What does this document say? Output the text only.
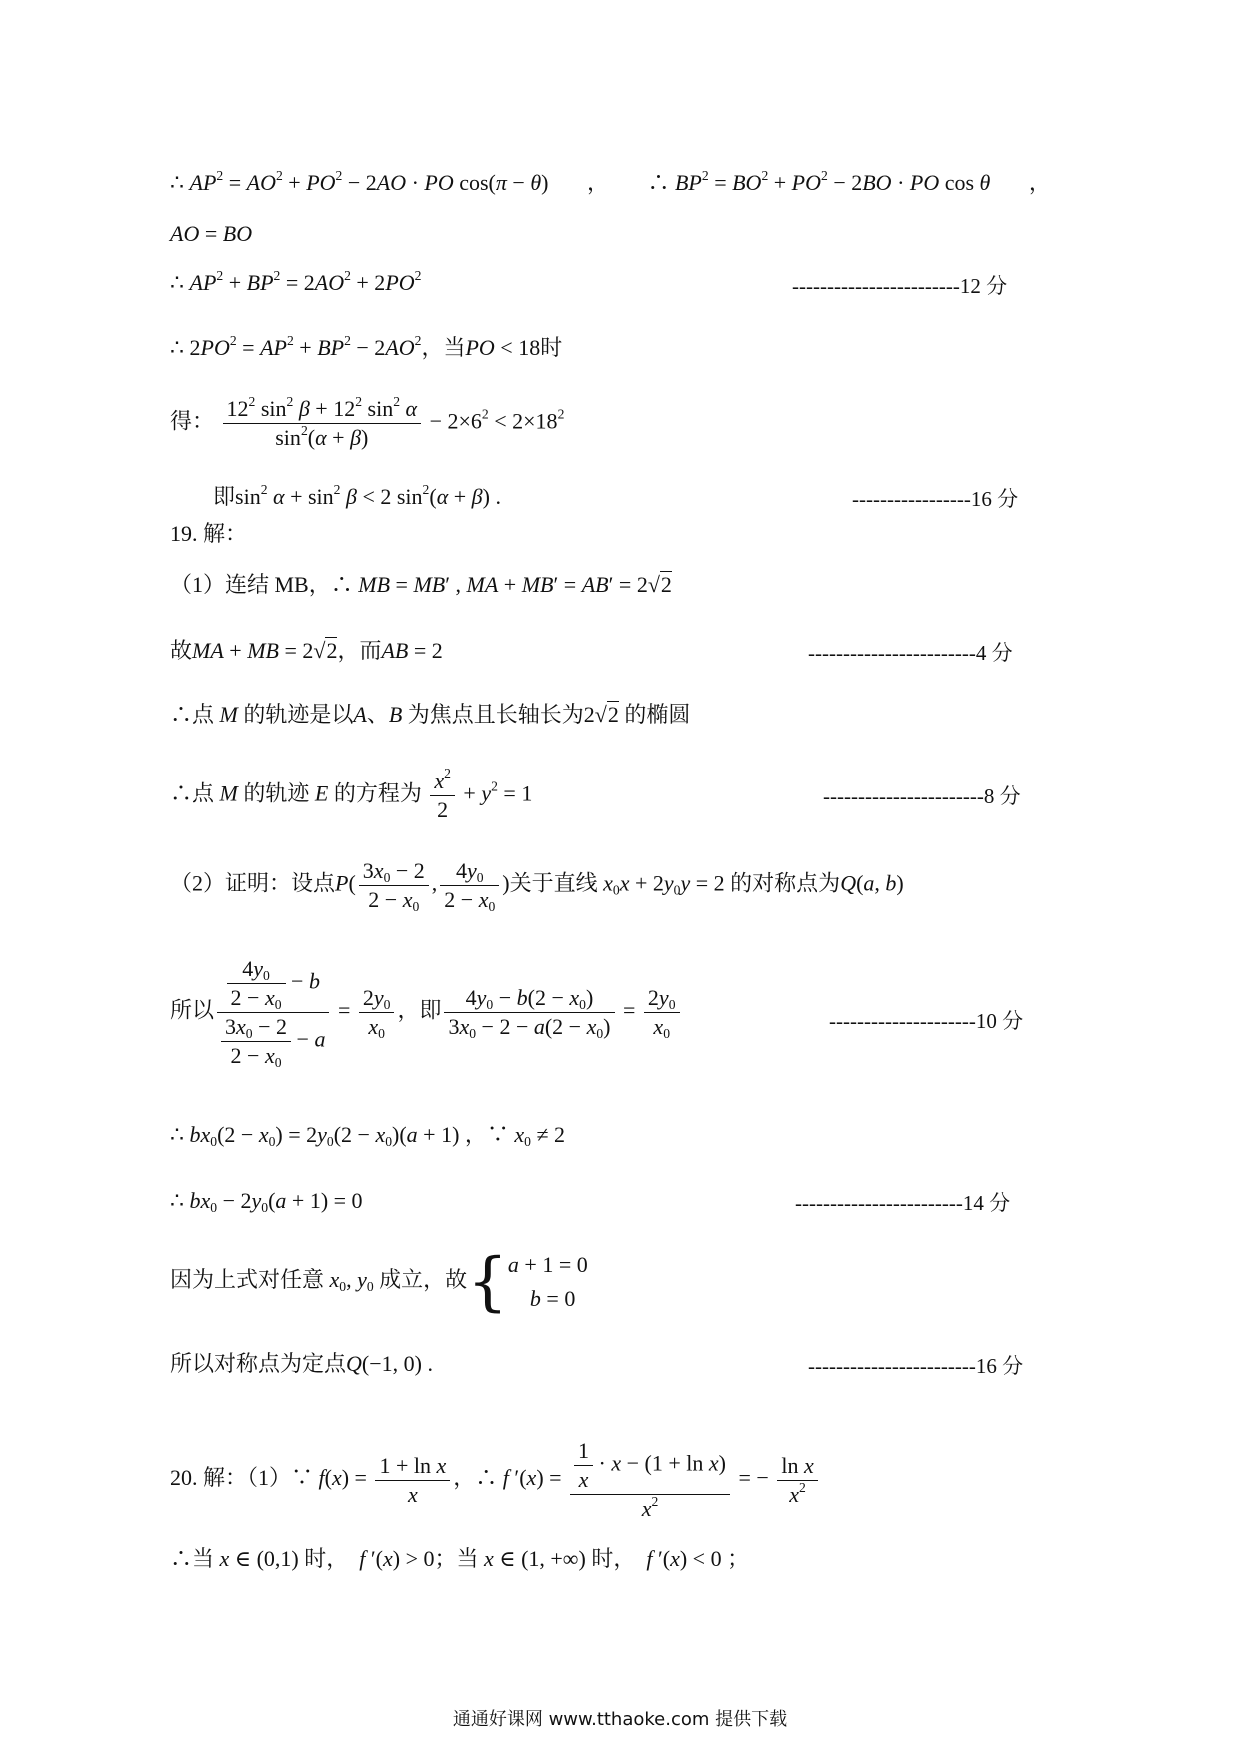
∴ $AP^2 = AO^2 + PO^2 - 2AO$ · PO cos(π − θ)       ，       ∴ $BP^2 = BO^2 + PO^2 - 2BO$ · PO cos θ       ，
AO = BO
∴ $AP^2 + BP^2 = 2AO^2 + 2PO^2$	------------------------12 分
∴ $2PO^2 = AP^2 + BP^2 - 2AO^2$，当PO < 18时
得： $\frac{12^2 \sin^2 \beta + 12^2 \sin^2 \alpha}{\sin^2(\alpha + \beta)} - 2\times 6^2 < 2\times 18^2$
即$\sin^2 \alpha + \sin^2 \beta < 2$ $\sin^2(\alpha + \beta)$ .	-----------------16 分
19. 解：
（1）连结 MB，∴ MB = MB′ , MA + MB′ = AB′ = 2√2
故MA + MB = 2√2，而AB = 2	------------------------4 分
∴点 M 的轨迹是以A、B 为焦点且长轴长为2√2 的椭圆
∴点 M 的轨迹 E 的方程为 $\frac{x^2}{2} + y^2 = 1$	-----------------------8 分
（2）证明：设点$P( \frac{3x_0 - 2}{2 - x_0}$ , $\frac{4y_0}{2 - x_0}$ )关于直线 $x_0x + 2y_0y = 2$ 的对称点为Q(a, b)
所以 $\frac{\frac{4y_0}{2 - x_0} - b}{\frac{3x_0 - 2}{2 - x_0} - a} = \frac{2y_0}{x_0}$ ，即 $\frac{4y_0 - b(2 - x_0)}{3x_0 - 2 - a(2 - x_0)} = \frac{2y_0}{x_0}$	---------------------10 分
∴ $bx_0(2 - x_0) = 2y_0(2 - x_0)(a + 1)$ ，∵ $x_0 \ne 2$
∴ $bx_0 - 2y_0(a + 1) = 0$	------------------------14 分
因为上式对任意 $x_0$, $y_0$ 成立，故{ a + 1 = 0
b = 0
所以对称点为定点Q(−1, 0) .	------------------------16 分
20. 解：（1）∵ $f(x) = \frac{\text{1 + ln x}}{x}$ ，∴ f $'(x) = \frac{\frac{1}{x} \cdot x - (1 + \ln x)}{x^2}$ = − $\frac{\text{ln x}}{x^2}$
∴当 x ∈ (0,1) 时， f ′(x) > 0；当 x ∈ (1, +∞) 时， f ′(x) < 0 ；
通通好课网 www.tthaoke.com 提供下载
